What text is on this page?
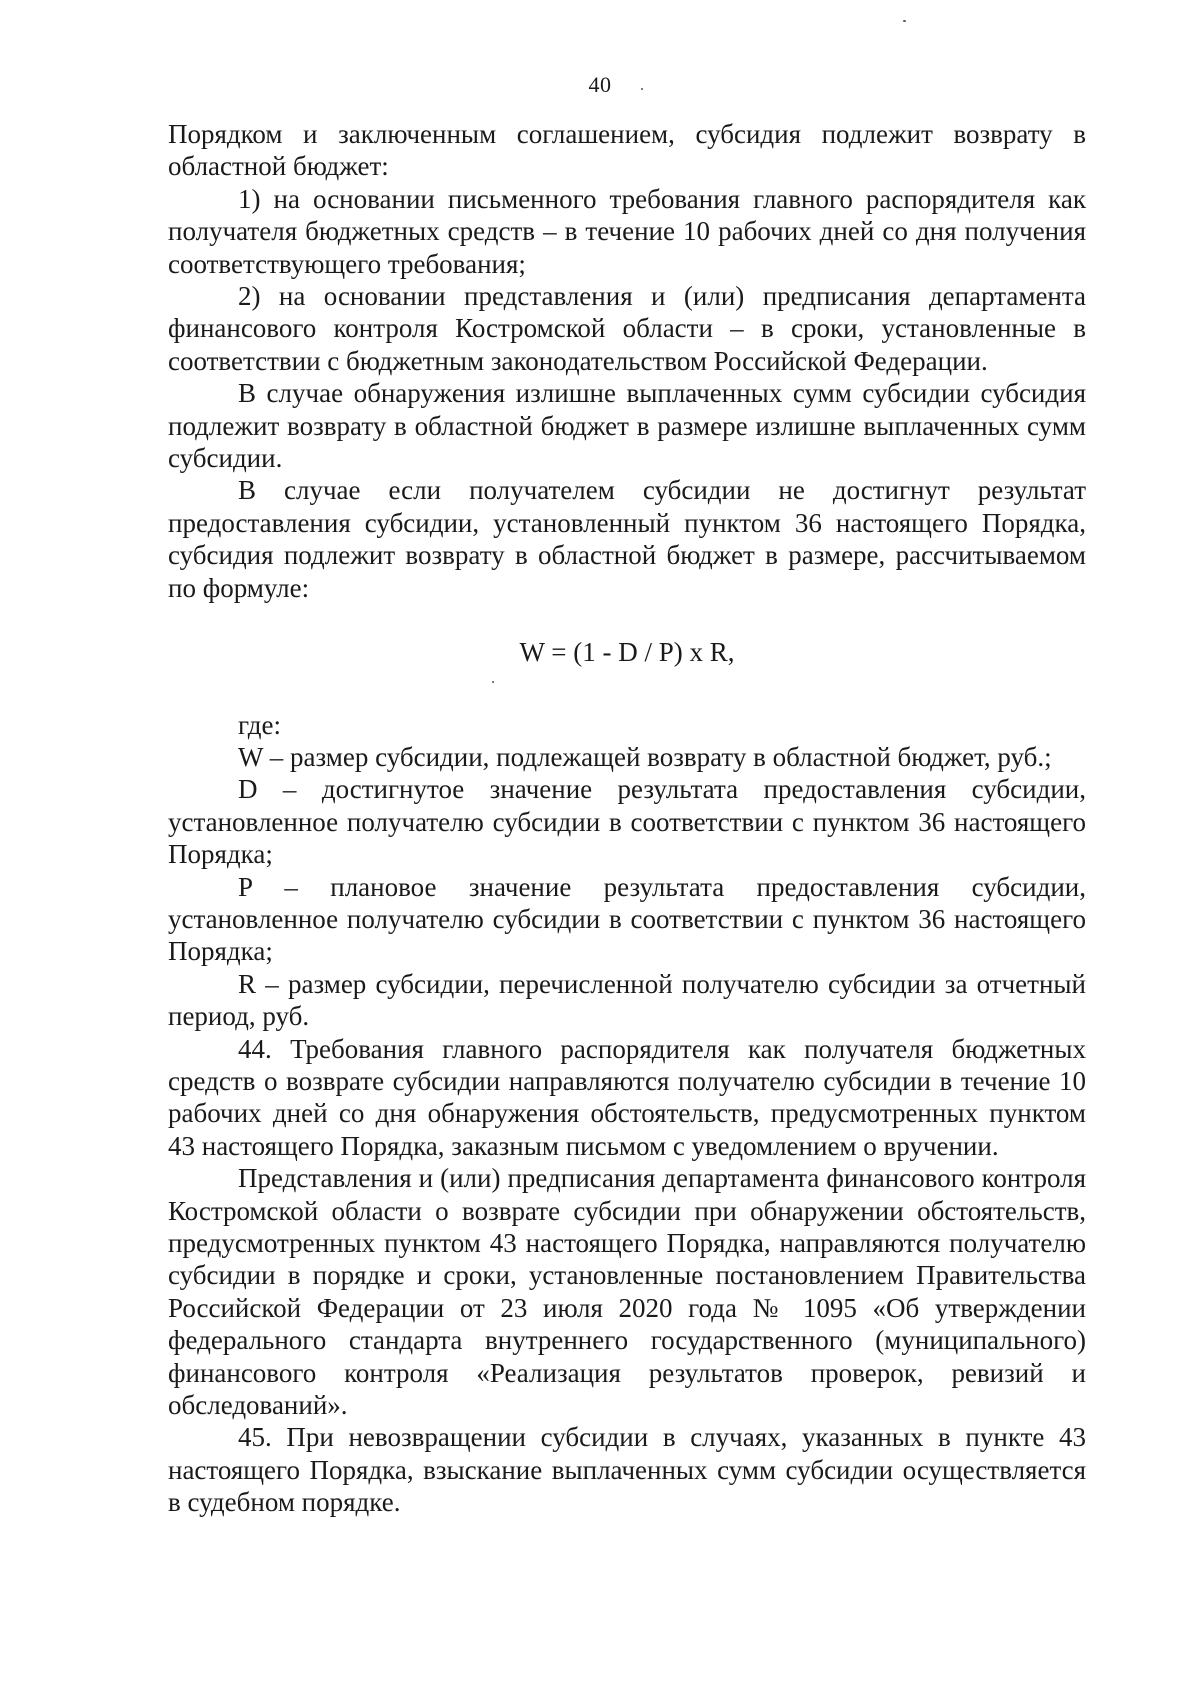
40

Порядком и заключенным соглашением, субсидия подлежит возврату в областной бюджет:

1) на основании письменного требования главного распорядителя как получателя бюджетных средств – в течение 10 рабочих дней со дня получения соответствующего требования;

2) на основании представления и (или) предписания департамента финансового контроля Костромской области – в сроки, установленные в соответствии с бюджетным законодательством Российской Федерации.

В случае обнаружения излишне выплаченных сумм субсидии субсидия подлежит возврату в областной бюджет в размере излишне выплаченных сумм субсидии.

В случае если получателем субсидии не достигнут результат предоставления субсидии, установленный пунктом 36 настоящего Порядка, субсидия подлежит возврату в областной бюджет в размере, рассчитываемом по формуле:

W = (1 - D / P) x R,

где:

W – размер субсидии, подлежащей возврату в областной бюджет, руб.;

D – достигнутое значение результата предоставления субсидии, установленное получателю субсидии в соответствии с пунктом 36 настоящего Порядка;

P – плановое значение результата предоставления субсидии, установленное получателю субсидии в соответствии с пунктом 36 настоящего Порядка;

R – размер субсидии, перечисленной получателю субсидии за отчетный период, руб.

44. Требования главного распорядителя как получателя бюджетных средств о возврате субсидии направляются получателю субсидии в течение 10 рабочих дней со дня обнаружения обстоятельств, предусмотренных пунктом 43 настоящего Порядка, заказным письмом с уведомлением о вручении.

Представления и (или) предписания департамента финансового контроля Костромской области о возврате субсидии при обнаружении обстоятельств, предусмотренных пунктом 43 настоящего Порядка, направляются получателю субсидии в порядке и сроки, установленные постановлением Правительства Российской Федерации от 23 июля 2020 года № 1095 «Об утверждении федерального стандарта внутреннего государственного (муниципального) финансового контроля «Реализация результатов проверок, ревизий и обследований».

45. При невозвращении субсидии в случаях, указанных в пункте 43 настоящего Порядка, взыскание выплаченных сумм субсидии осуществляется в судебном порядке.
